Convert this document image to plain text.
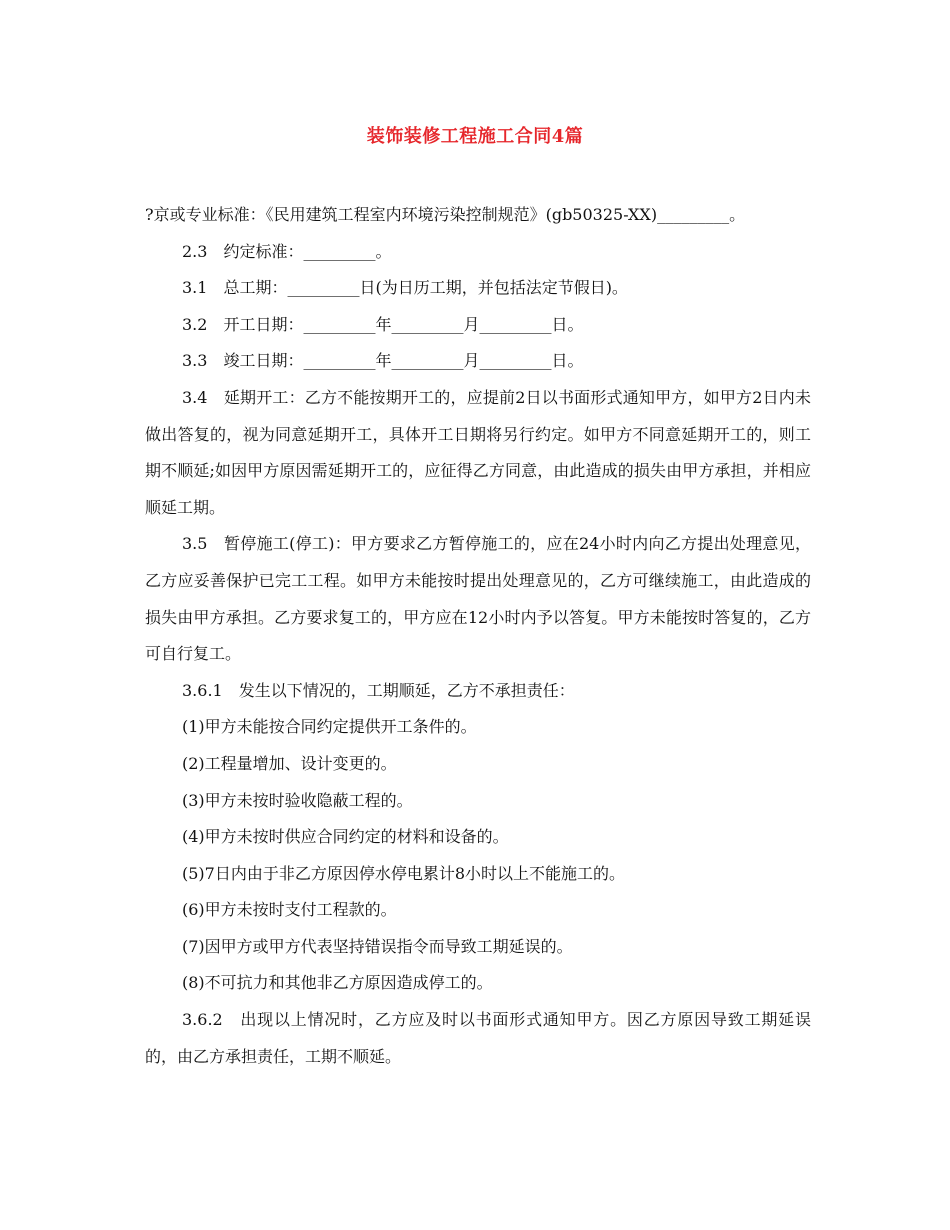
装饰装修工程施工合同4篇

?京或专业标准：《民用建筑工程室内环境污染控制规范》(gb50325-XX)_________。

2.3　约定标准：_________。

3.1　总工期：_________日(为日历工期，并包括法定节假日)。

3.2　开工日期：_________年_________月_________日。

3.3　竣工日期：_________年_________月_________日。

3.4　延期开工：乙方不能按期开工的，应提前2日以书面形式通知甲方，如甲方2日内未做出答复的，视为同意延期开工，具体开工日期将另行约定。如甲方不同意延期开工的，则工期不顺延;如因甲方原因需延期开工的，应征得乙方同意，由此造成的损失由甲方承担，并相应顺延工期。

3.5　暂停施工(停工)：甲方要求乙方暂停施工的，应在24小时内向乙方提出处理意见，乙方应妥善保护已完工工程。如甲方未能按时提出处理意见的，乙方可继续施工，由此造成的损失由甲方承担。乙方要求复工的，甲方应在12小时内予以答复。甲方未能按时答复的，乙方可自行复工。

3.6.1　发生以下情况的，工期顺延，乙方不承担责任：

(1)甲方未能按合同约定提供开工条件的。

(2)工程量增加、设计变更的。

(3)甲方未按时验收隐蔽工程的。

(4)甲方未按时供应合同约定的材料和设备的。

(5)7日内由于非乙方原因停水停电累计8小时以上不能施工的。

(6)甲方未按时支付工程款的。

(7)因甲方或甲方代表坚持错误指令而导致工期延误的。

(8)不可抗力和其他非乙方原因造成停工的。

3.6.2　出现以上情况时，乙方应及时以书面形式通知甲方。因乙方原因导致工期延误的，由乙方承担责任，工期不顺延。
